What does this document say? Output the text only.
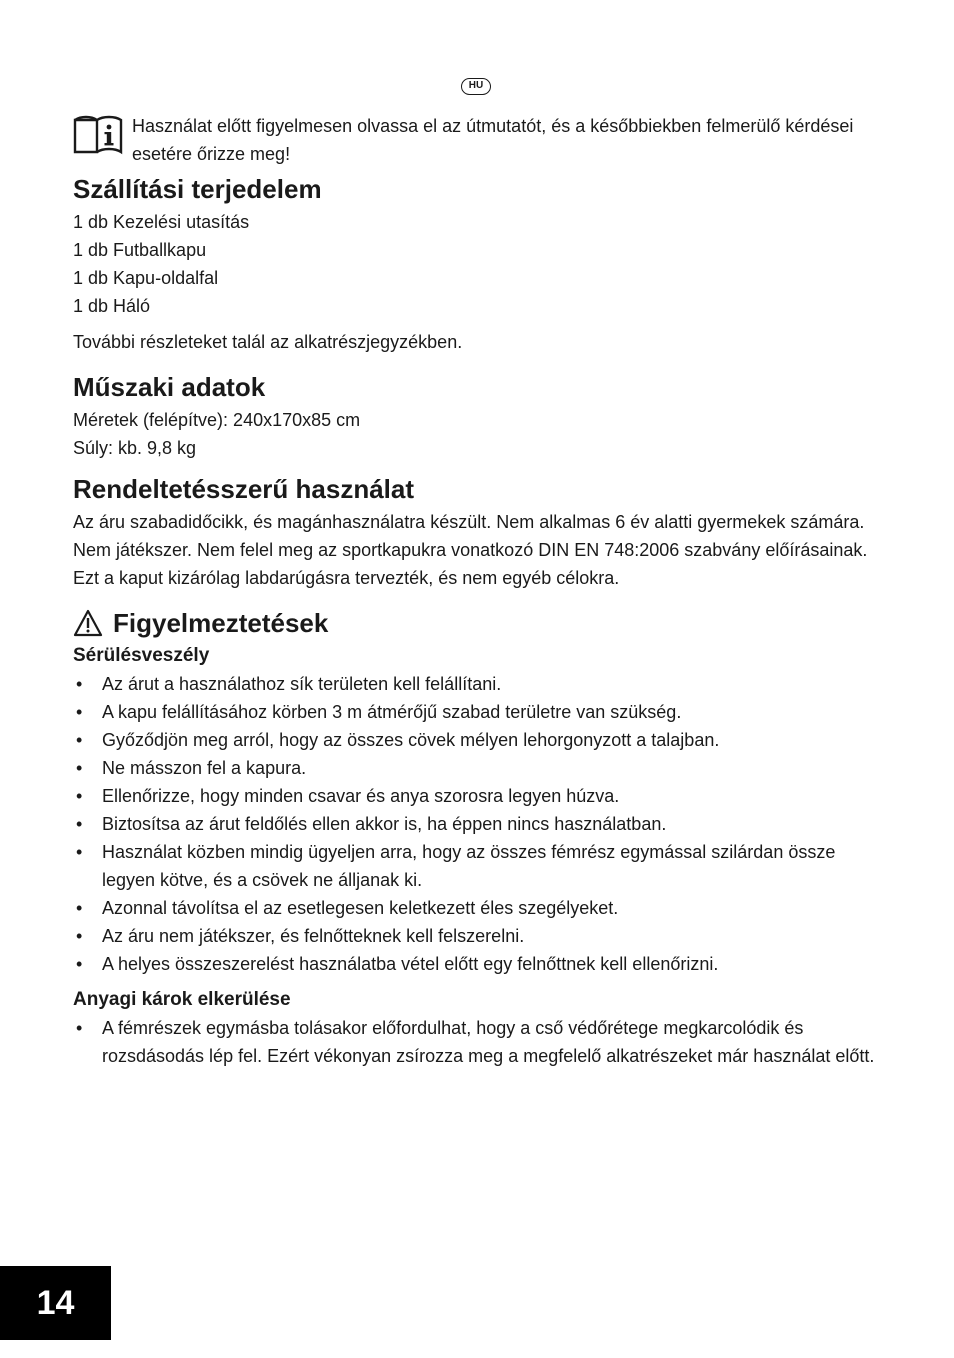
HU
Használat előtt figyelmesen olvassa el az útmutatót, és a későbbiekben felmerülő kérdései esetére őrizze meg!
Szállítási terjedelem
1 db Kezelési utasítás
1 db Futballkapu
1 db Kapu-oldalfal
1 db Háló

További részleteket talál az alkatrészjegyzékben.

Műszaki adatok

Méretek (felépítve): 240x170x85 cm

Súly: kb. 9,8 kg

Rendeltetésszerű használat

Az áru szabadidőcikk, és magánhasználatra készült. Nem alkalmas 6 év alatti gyermekek számára. Nem játékszer. Nem felel meg az sportkapukra vonatkozó DIN EN 748:2006 szabvány előírásainak. Ezt a kaput kizárólag labdarúgásra tervezték, és nem egyéb célokra.

Figyelmeztetések
Sérülésveszély
• Az árut a használathoz sík területen kell felállítani.
• A kapu felállításához körben 3 m átmérőjű szabad területre van szükség.
• Győződjön meg arról, hogy az összes cövek mélyen lehorgonyzott a talajban.
• Ne másszon fel a kapura.
• Ellenőrizze, hogy minden csavar és anya szorosra legyen húzva.
• Biztosítsa az árut feldőlés ellen akkor is, ha éppen nincs használatban.
• Használat közben mindig ügyeljen arra, hogy az összes fémrész egymással szilárdan össze legyen kötve, és a csövek ne álljanak ki.
• Azonnal távolítsa el az esetlegesen keletkezett éles szegélyeket.
• Az áru nem játékszer, és felnőtteknek kell felszerelni.
• A helyes összeszerelést használatba vétel előtt egy felnőttnek kell ellenőrizni.
Anyagi károk elkerülése
• A fémrészek egymásba tolásakor előfordulhat, hogy a cső védőrétege megkarcolódik és rozsdásodás lép fel. Ezért vékonyan zsírozza meg a megfelelő alkatrészeket már használat előtt.
14
